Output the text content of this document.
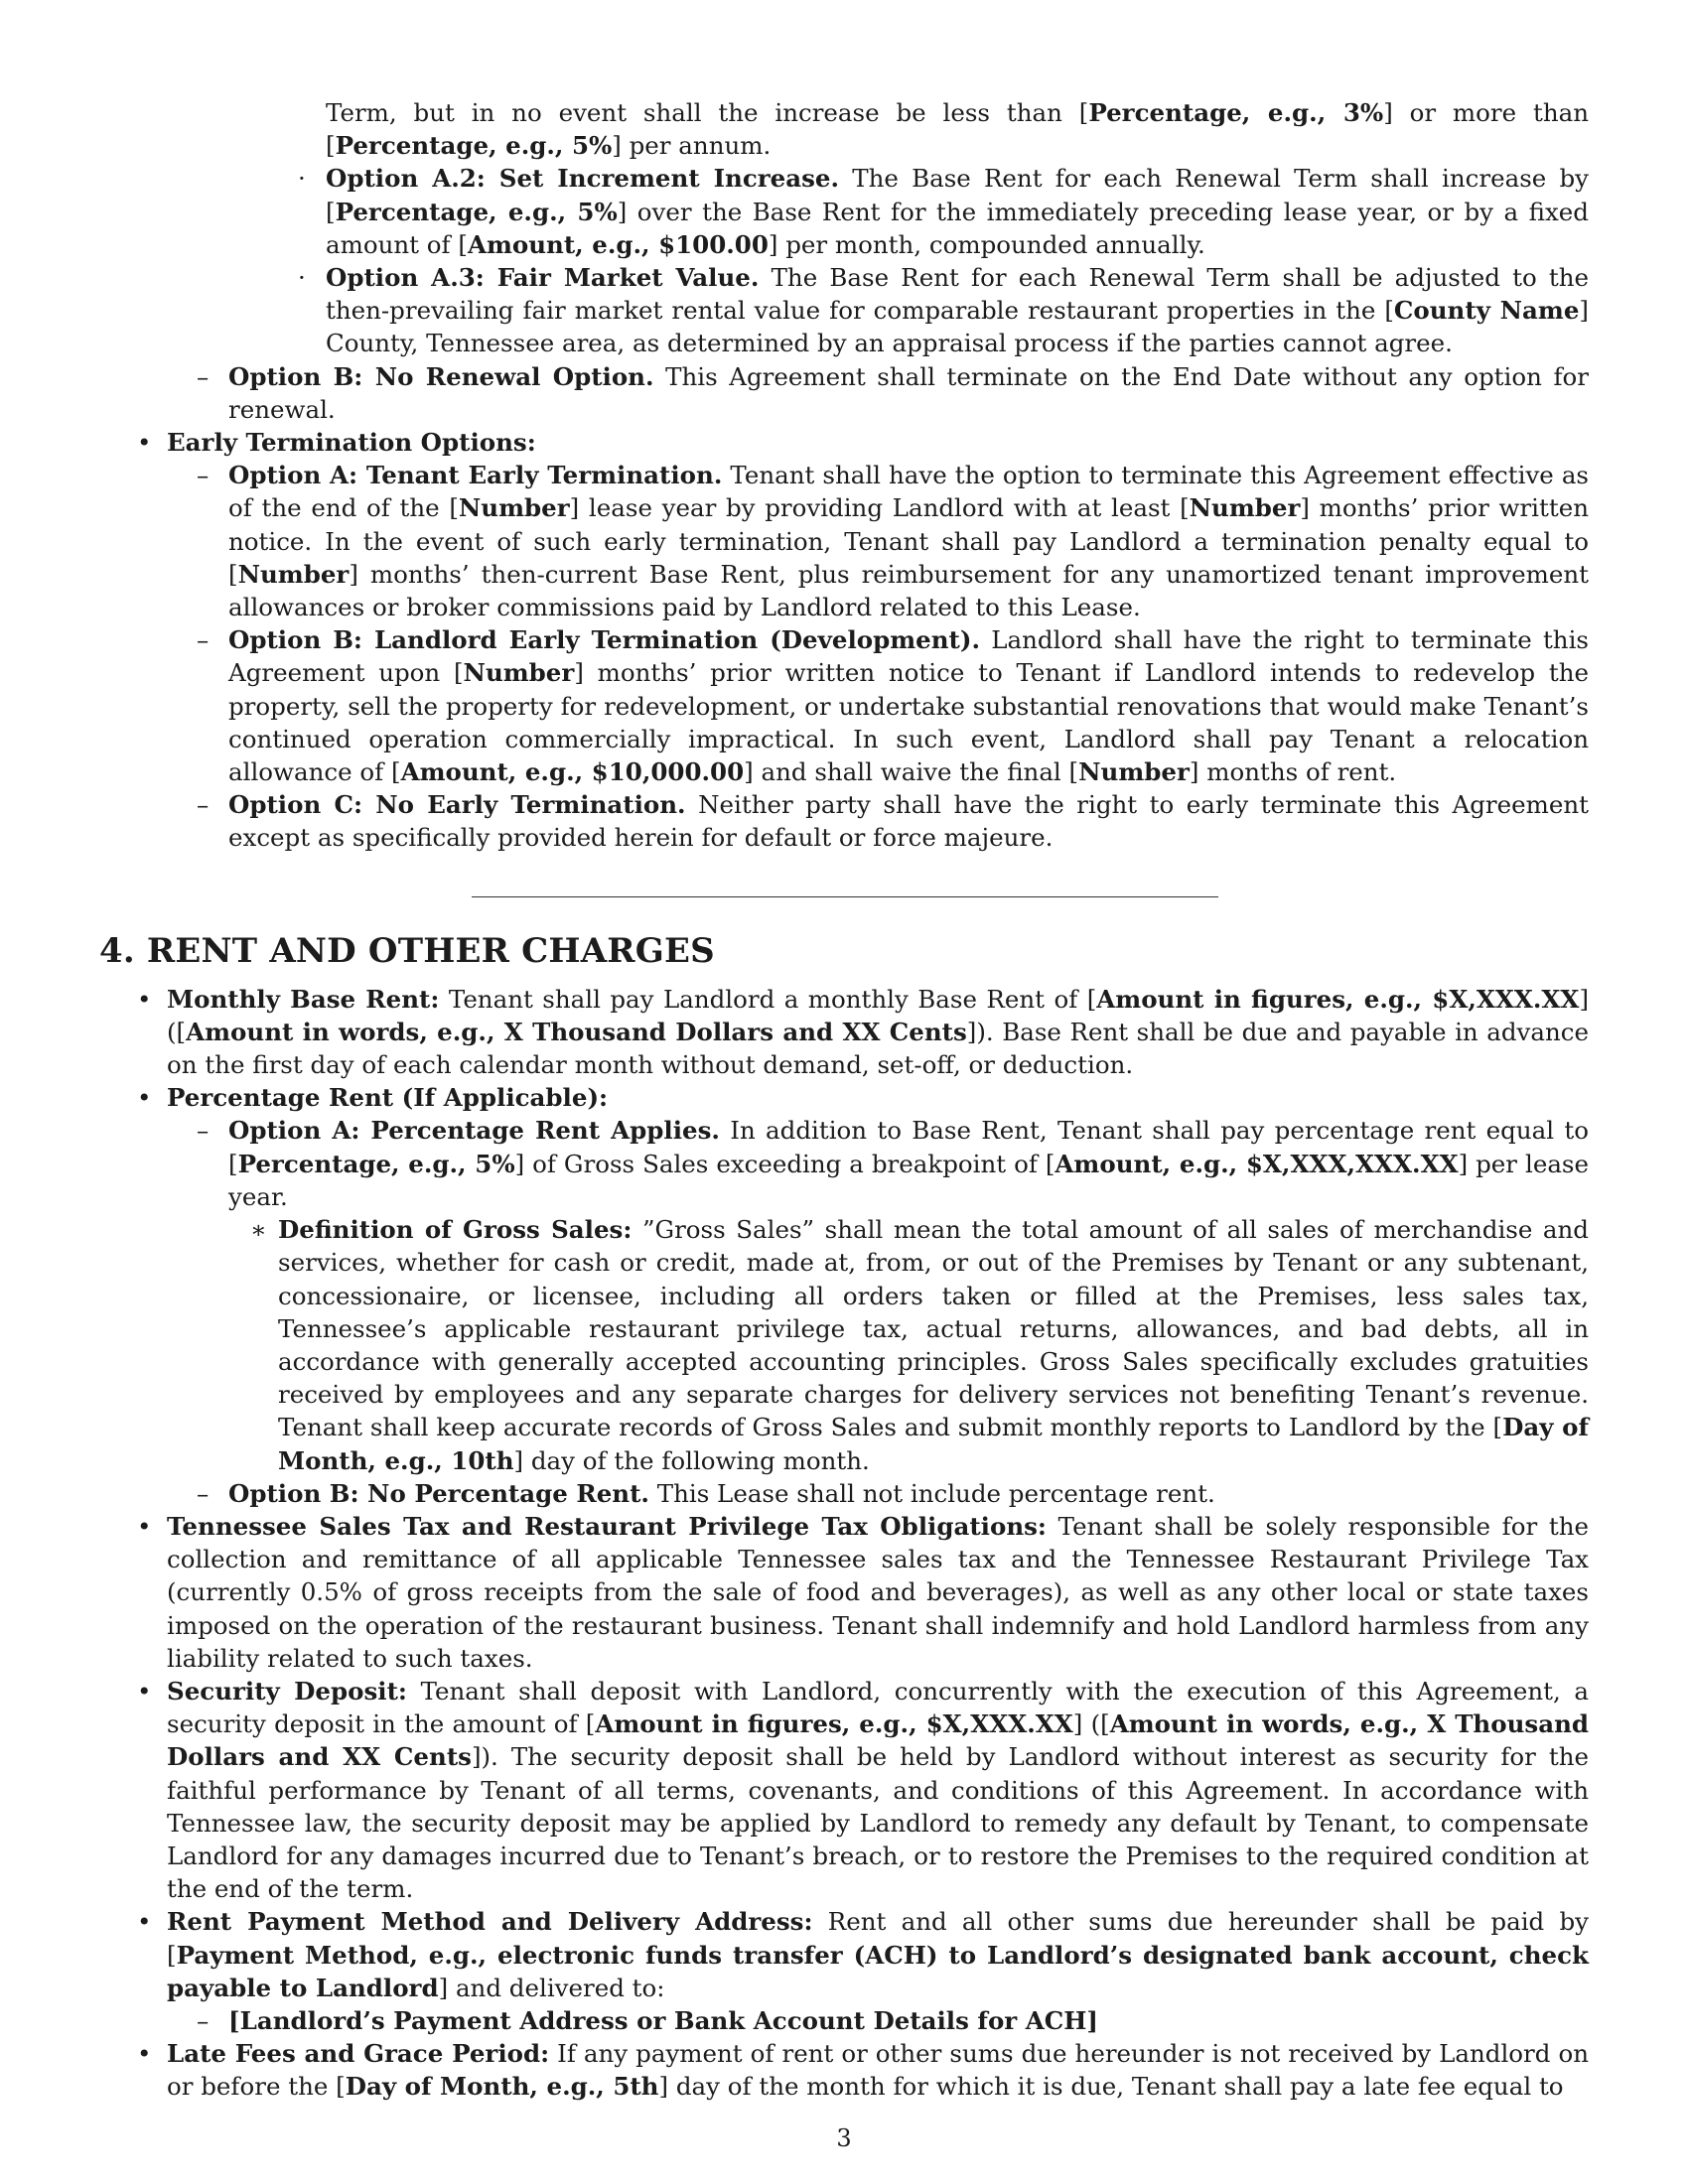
Term, but in no event shall the increase be less than [Percentage, e.g., 3%] or more than [Percentage, e.g., 5%] per annum.

· Option A.2: Set Increment Increase. The Base Rent for each Renewal Term shall increase by [Percentage, e.g., 5%] over the Base Rent for the immediately preceding lease year, or by a fixed amount of [Amount, e.g., $100.00] per month, compounded annually.

· Option A.3: Fair Market Value. The Base Rent for each Renewal Term shall be adjusted to the then-prevailing fair market rental value for comparable restaurant properties in the [County Name] County, Tennessee area, as determined by an appraisal process if the parties cannot agree.

– Option B: No Renewal Option. This Agreement shall terminate on the End Date without any option for renewal.

• Early Termination Options:

– Option A: Tenant Early Termination. Tenant shall have the option to terminate this Agreement effective as of the end of the [Number] lease year by providing Landlord with at least [Number] months’ prior written notice. In the event of such early termination, Tenant shall pay Landlord a termination penalty equal to [Number] months’ then-current Base Rent, plus reimbursement for any unamortized tenant improvement allowances or broker commissions paid by Landlord related to this Lease.

– Option B: Landlord Early Termination (Development). Landlord shall have the right to terminate this Agreement upon [Number] months’ prior written notice to Tenant if Landlord intends to redevelop the property, sell the property for redevelopment, or undertake substantial renovations that would make Tenant’s continued operation commercially impractical. In such event, Landlord shall pay Tenant a relocation allowance of [Amount, e.g., $10,000.00] and shall waive the final [Number] months of rent.

– Option C: No Early Termination. Neither party shall have the right to early terminate this Agreement except as specifically provided herein for default or force majeure.

4. RENT AND OTHER CHARGES

• Monthly Base Rent: Tenant shall pay Landlord a monthly Base Rent of [Amount in figures, e.g., $X,XXX.XX] ([Amount in words, e.g., X Thousand Dollars and XX Cents]). Base Rent shall be due and payable in advance on the first day of each calendar month without demand, set-off, or deduction.

• Percentage Rent (If Applicable):

– Option A: Percentage Rent Applies. In addition to Base Rent, Tenant shall pay percentage rent equal to [Percentage, e.g., 5%] of Gross Sales exceeding a breakpoint of [Amount, e.g., $X,XXX,XXX.XX] per lease year.

∗ Definition of Gross Sales: ”Gross Sales” shall mean the total amount of all sales of merchandise and services, whether for cash or credit, made at, from, or out of the Premises by Tenant or any subtenant, concessionaire, or licensee, including all orders taken or filled at the Premises, less sales tax, Tennessee’s applicable restaurant privilege tax, actual returns, allowances, and bad debts, all in accordance with generally accepted accounting principles. Gross Sales specifically excludes gratuities received by employees and any separate charges for delivery services not benefiting Tenant’s revenue. Tenant shall keep accurate records of Gross Sales and submit monthly reports to Landlord by the [Day of Month, e.g., 10th] day of the following month.

– Option B: No Percentage Rent. This Lease shall not include percentage rent.

• Tennessee Sales Tax and Restaurant Privilege Tax Obligations: Tenant shall be solely responsible for the collection and remittance of all applicable Tennessee sales tax and the Tennessee Restaurant Privilege Tax (currently 0.5% of gross receipts from the sale of food and beverages), as well as any other local or state taxes imposed on the operation of the restaurant business. Tenant shall indemnify and hold Landlord harmless from any liability related to such taxes.

• Security Deposit: Tenant shall deposit with Landlord, concurrently with the execution of this Agreement, a security deposit in the amount of [Amount in figures, e.g., $X,XXX.XX] ([Amount in words, e.g., X Thousand Dollars and XX Cents]). The security deposit shall be held by Landlord without interest as security for the faithful performance by Tenant of all terms, covenants, and conditions of this Agreement. In accordance with Tennessee law, the security deposit may be applied by Landlord to remedy any default by Tenant, to compensate Landlord for any damages incurred due to Tenant’s breach, or to restore the Premises to the required condition at the end of the term.

• Rent Payment Method and Delivery Address: Rent and all other sums due hereunder shall be paid by [Payment Method, e.g., electronic funds transfer (ACH) to Landlord’s designated bank account, check payable to Landlord] and delivered to:

– [Landlord’s Payment Address or Bank Account Details for ACH]

• Late Fees and Grace Period: If any payment of rent or other sums due hereunder is not received by Landlord on or before the [Day of Month, e.g., 5th] day of the month for which it is due, Tenant shall pay a late fee equal to

3
